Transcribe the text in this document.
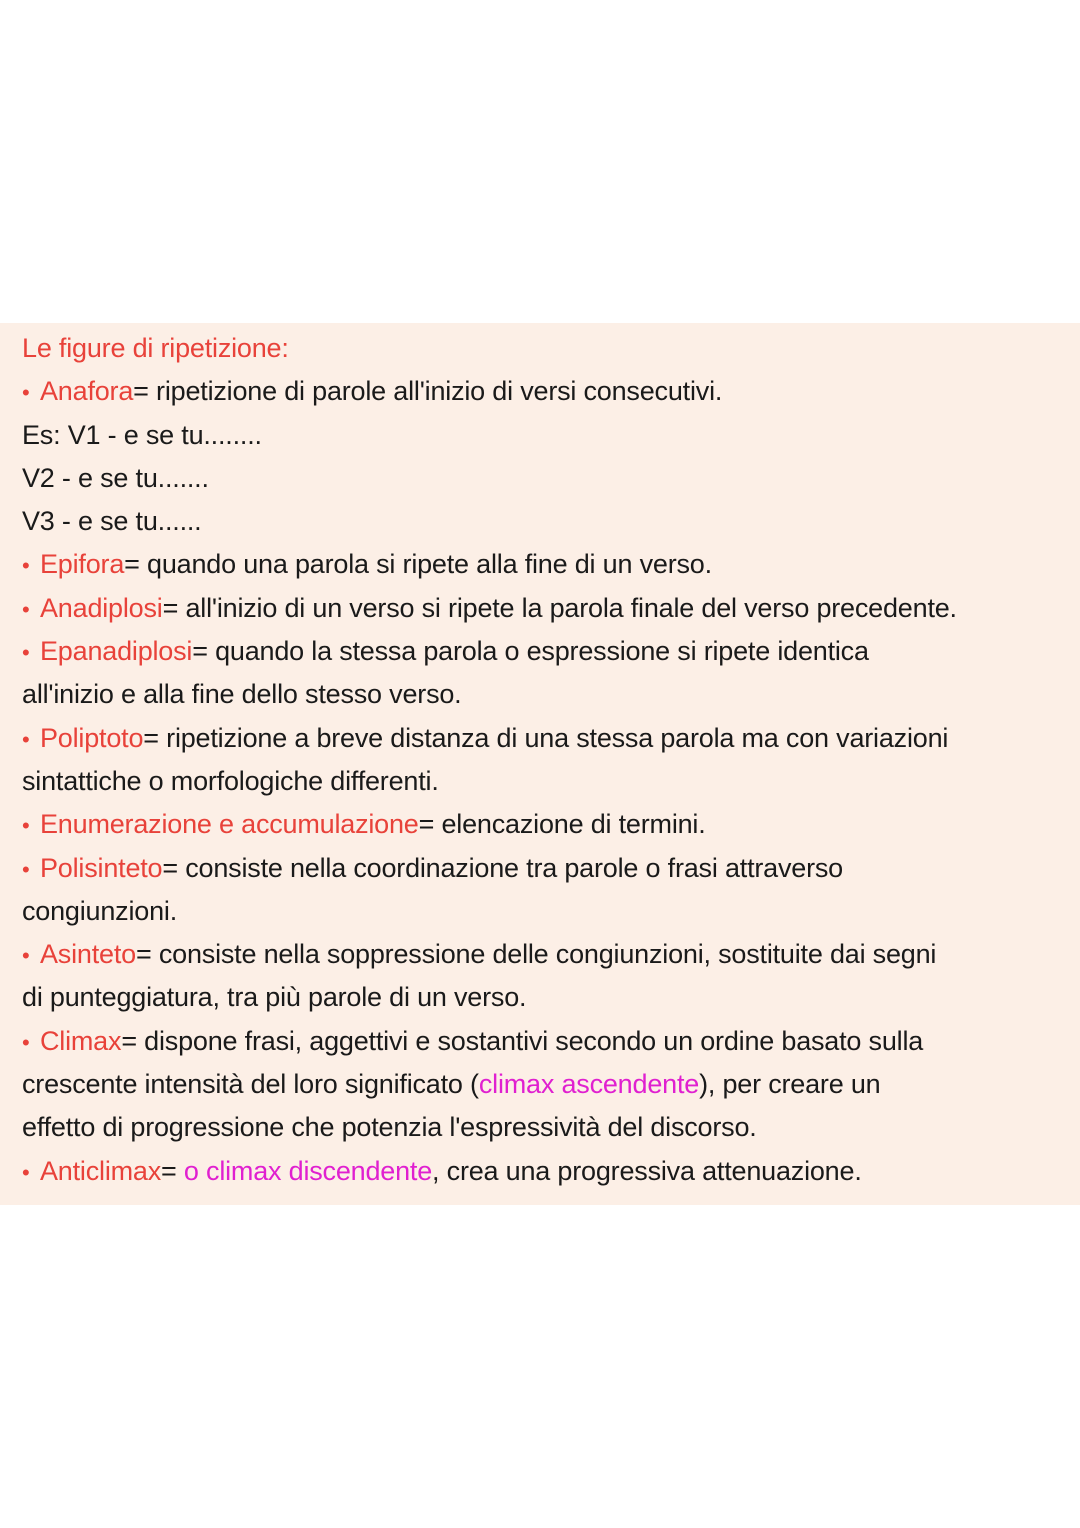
Le figure di ripetizione:
• Anafora= ripetizione di parole all'inizio di versi consecutivi.
Es: V1 - e se tu........
V2 - e se tu.......
V3 - e se tu......
• Epifora= quando una parola si ripete alla fine di un verso.
• Anadiplosi= all'inizio di un verso si ripete la parola finale del verso precedente.
• Epanadiplosi= quando la stessa parola o espressione si ripete identica
all'inizio e alla fine dello stesso verso.
• Poliptoto= ripetizione a breve distanza di una stessa parola ma con variazioni
sintattiche o morfologiche differenti.
• Enumerazione e accumulazione= elencazione di termini.
• Polisinteto= consiste nella coordinazione tra parole o frasi attraverso
congiunzioni.
• Asinteto= consiste nella soppressione delle congiunzioni, sostituite dai segni
di punteggiatura, tra più parole di un verso.
• Climax= dispone frasi, aggettivi e sostantivi secondo un ordine basato sulla
crescente intensità del loro significato (climax ascendente), per creare un
effetto di progressione che potenzia l'espressività del discorso.
• Anticlimax= o climax discendente, crea una progressiva attenuazione.
